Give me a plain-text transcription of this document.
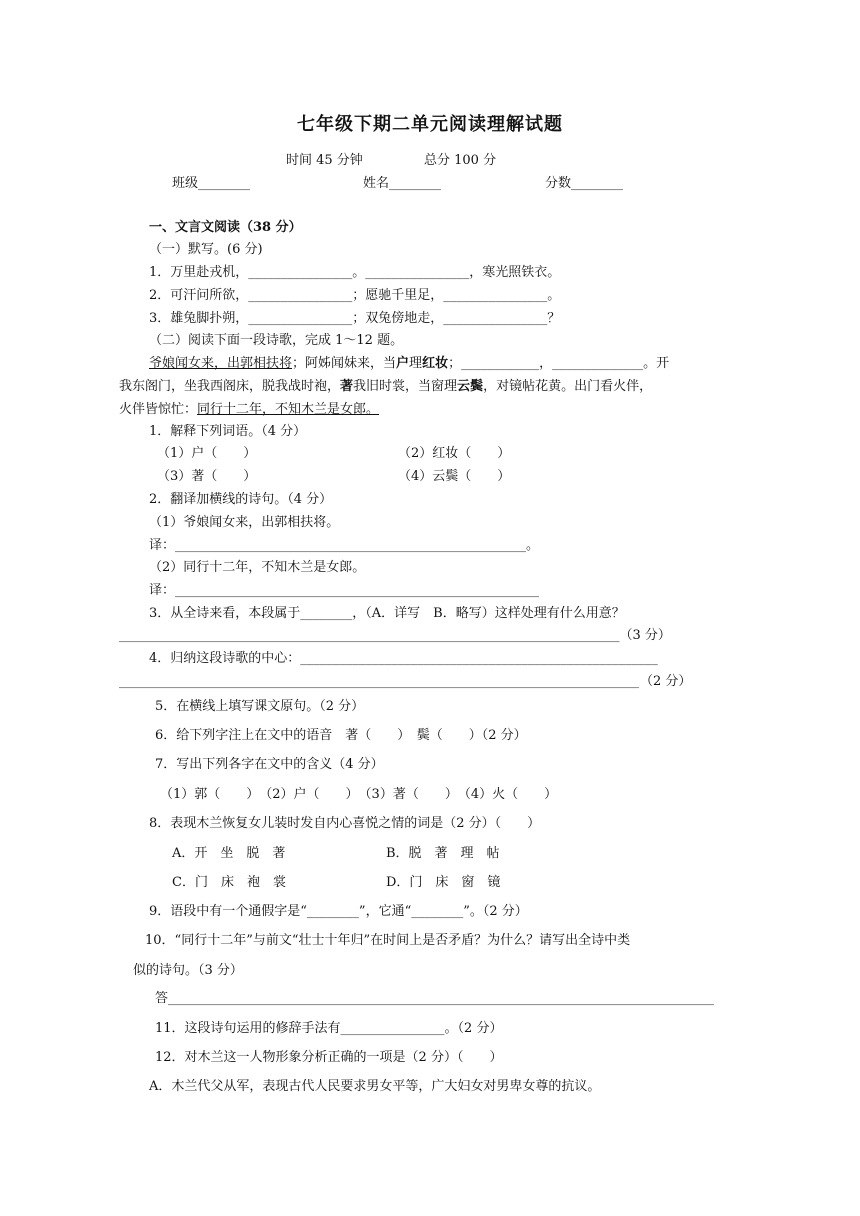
七年级下期二单元阅读理解试题
时间 45 分钟	总分 100 分
班级________	姓名________	分数________
一、文言文阅读（38 分）
（一）默写。(6 分)
1．万里赴戎机，________________。________________，寒光照铁衣。
2．可汗问所欲，________________；愿驰千里足，________________。
3．雄兔脚扑朔，________________；双兔傍地走，________________？
（二）阅读下面一段诗歌，完成 1～12 题。
爷娘闻女来，出郭相扶将；阿姊闻妹来，当户理红妆；____________，______________。开
我东阁门，坐我西阁床，脱我战时袍，著我旧时裳，当窗理云鬓，对镜帖花黄。出门看火伴，
火伴皆惊忙：同行十二年，不知木兰是女郎。
1．解释下列词语。（4 分）
（1）户（　　）	（2）红妆（　　）
（3）著（　　）	（4）云鬓（　　）
2．翻译加横线的诗句。（4 分）
（1）爷娘闻女来，出郭相扶将。
译：______________________________________________________。
（2）同行十二年，不知木兰是女郎。
译：________________________________________________________
3．从全诗来看，本段属于________，（A．详写　B．略写）这样处理有什么用意？
_____________________________________________________________________________（3 分）
4．归纳这段诗歌的中心：_______________________________________________________
________________________________________________________________________________ （2 分）
5．在横线上填写课文原句。（2 分）
6．给下列字注上在文中的语音　著（　　）　鬓（　　）（2 分）
7．写出下列各字在文中的含义（4 分）
（1）郭（　　）　（2）户（　　）　（3）著（　　）　（4）火（　　）
8．表现木兰恢复女儿装时发自内心喜悦之情的词是（2 分）（　　）
A．开　坐　脱　著	B．脱　著　理　帖
C．门　床　袍　裳	D．门　床　窗　镜
9．语段中有一个通假字是“________”，它通“________”。（2 分）
10．“同行十二年”与前文“壮士十年归”在时间上是否矛盾？为什么？请写出全诗中类
似的诗句。（3 分）
答____________________________________________________________________________________
11．这段诗句运用的修辞手法有________________。（2 分）
12．对木兰这一人物形象分析正确的一项是（2 分）（　　）
A．木兰代父从军，表现古代人民要求男女平等，广大妇女对男卑女尊的抗议。
